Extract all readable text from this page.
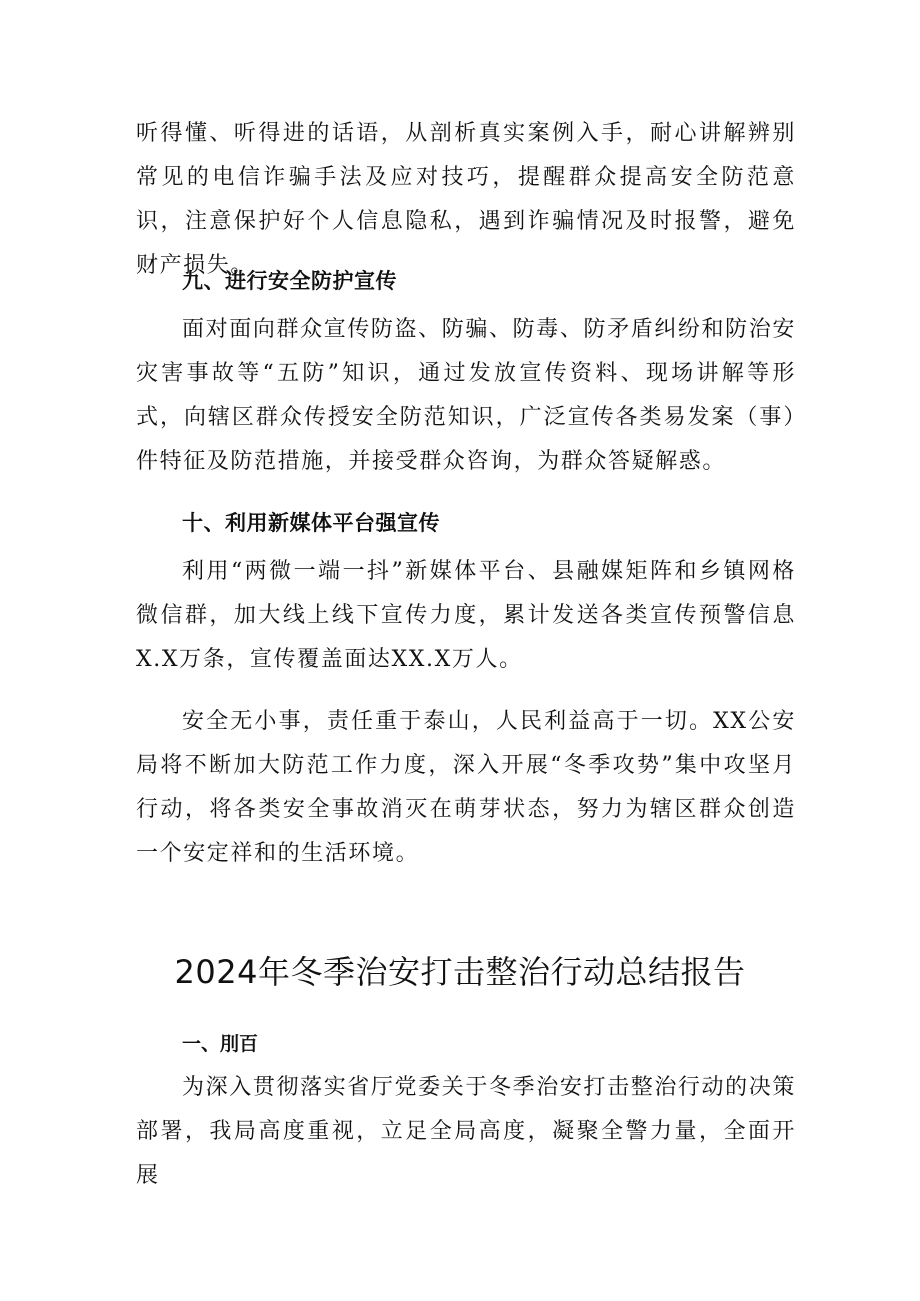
听得懂、听得进的话语，从剖析真实案例入手，耐心讲解辨别常见的电信诈骗手法及应对技巧，提醒群众提高安全防范意识，注意保护好个人信息隐私，遇到诈骗情况及时报警，避免财产损失。

九、进行安全防护宣传

面对面向群众宣传防盗、防骗、防毒、防矛盾纠纷和防治安灾害事故等“五防”知识，通过发放宣传资料、现场讲解等形式，向辖区群众传授安全防范知识，广泛宣传各类易发案（事）件特征及防范措施，并接受群众咨询，为群众答疑解惑。

十、利用新媒体平台强宣传

利用“两微一端一抖”新媒体平台、县融媒矩阵和乡镇网格微信群，加大线上线下宣传力度，累计发送各类宣传预警信息X.X万条，宣传覆盖面达XX.X万人。

安全无小事，责任重于泰山，人民利益高于一切。XX公安局将不断加大防范工作力度，深入开展“冬季攻势”集中攻坚月行动，将各类安全事故消灭在萌芽状态，努力为辖区群众创造一个安定祥和的生活环境。

2024年冬季治安打击整治行动总结报告
一、刖百

为深入贯彻落实省厅党委关于冬季治安打击整治行动的决策部署，我局高度重视，立足全局高度，凝聚全警力量，全面开展
